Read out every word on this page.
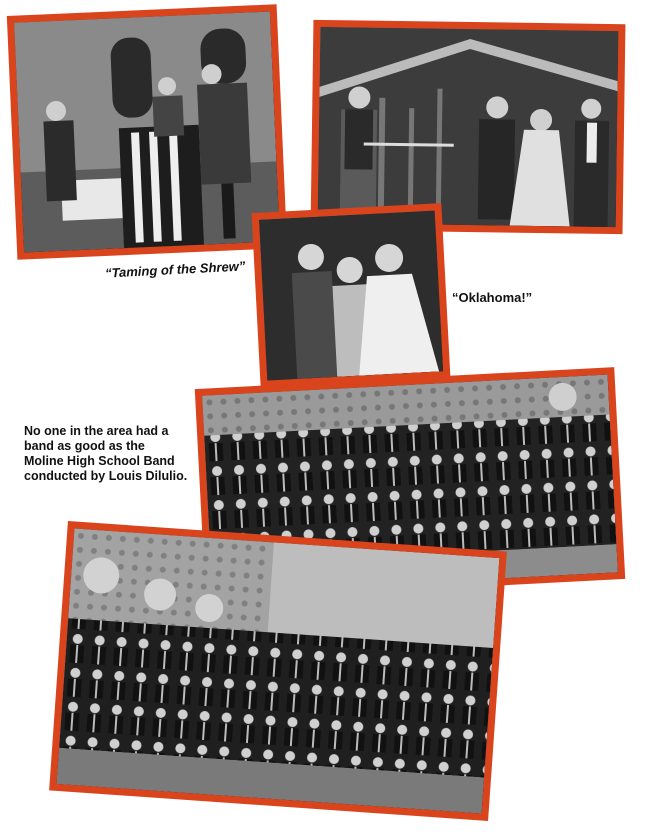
“Taming of the Shrew”
“Oklahoma!”
No one in the area had a
band as good as the
Moline High School Band
conducted by Louis Dilulio.
